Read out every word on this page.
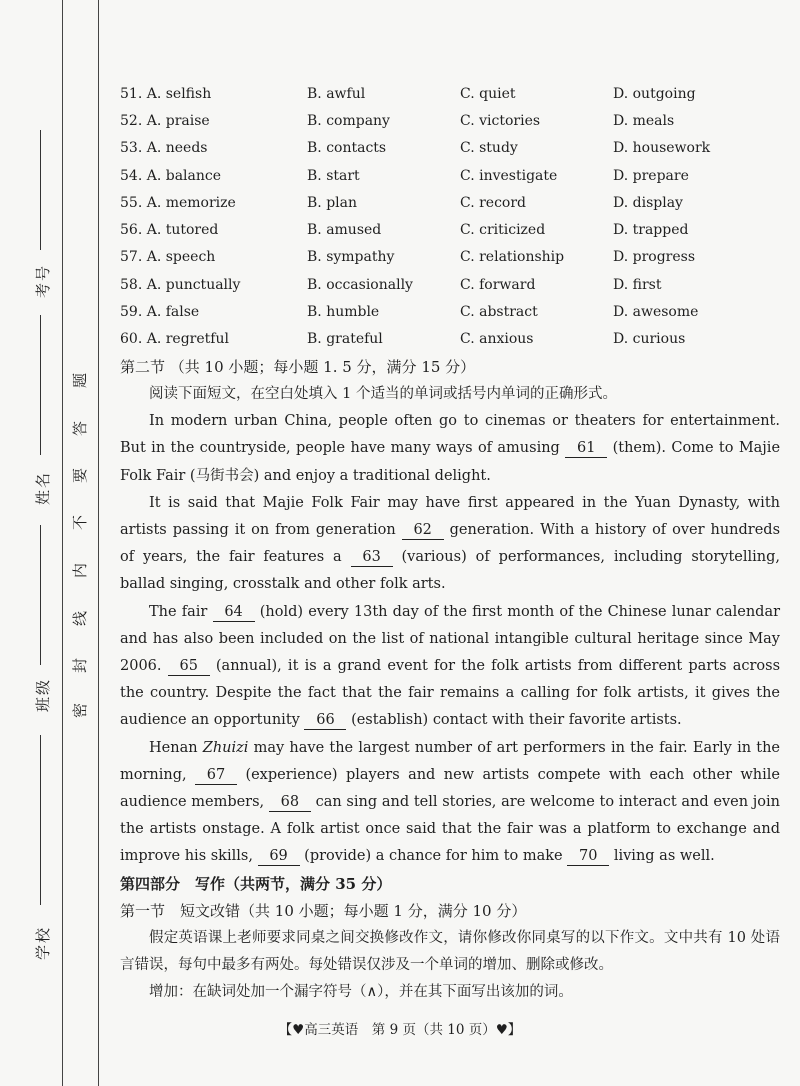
考号
姓名
班级
学校
密
封
线
内
不
要
答
题
51. A. selfish	B. awful	C. quiet	D. outgoing
52. A. praise	B. company	C. victories	D. meals
53. A. needs	B. contacts	C. study	D. housework
54. A. balance	B. start	C. investigate	D. prepare
55. A. memorize	B. plan	C. record	D. display
56. A. tutored	B. amused	C. criticized	D. trapped
57. A. speech	B. sympathy	C. relationship	D. progress
58. A. punctually	B. occasionally	C. forward	D. first
59. A. false	B. humble	C. abstract	D. awesome
60. A. regretful	B. grateful	C. anxious	D. curious
第二节 （共 10 小题；每小题 1. 5 分，满分 15 分）
阅读下面短文，在空白处填入 1 个适当的单词或括号内单词的正确形式。
In modern urban China, people often go to cinemas or theaters for entertainment. But in the countryside, people have many ways of amusing 61 (them). Come to Majie Folk Fair (马街书会) and enjoy a traditional delight.
It is said that Majie Folk Fair may have first appeared in the Yuan Dynasty, with artists passing it on from generation 62 generation. With a history of over hundreds of years, the fair features a 63 (various) of performances, including storytelling, ballad singing, crosstalk and other folk arts.
The fair 64 (hold) every 13th day of the first month of the Chinese lunar calendar and has also been included on the list of national intangible cultural heritage since May 2006. 65 (annual), it is a grand event for the folk artists from different parts across the country. Despite the fact that the fair remains a calling for folk artists, it gives the audience an opportunity 66 (establish) contact with their favorite artists.
Henan Zhuizi may have the largest number of art performers in the fair. Early in the morning, 67 (experience) players and new artists compete with each other while audience members, 68 can sing and tell stories, are welcome to interact and even join the artists onstage. A folk artist once said that the fair was a platform to exchange and improve his skills, 69 (provide) a chance for him to make 70 living as well.
第四部分　写作（共两节，满分 35 分）
第一节　短文改错（共 10 小题；每小题 1 分，满分 10 分）
假定英语课上老师要求同桌之间交换修改作文，请你修改你同桌写的以下作文。文中共有 10 处语言错误，每句中最多有两处。每处错误仅涉及一个单词的增加、删除或修改。
增加：在缺词处加一个漏字符号（∧），并在其下面写出该加的词。
【♥高三英语　第 9 页（共 10 页）♥】
